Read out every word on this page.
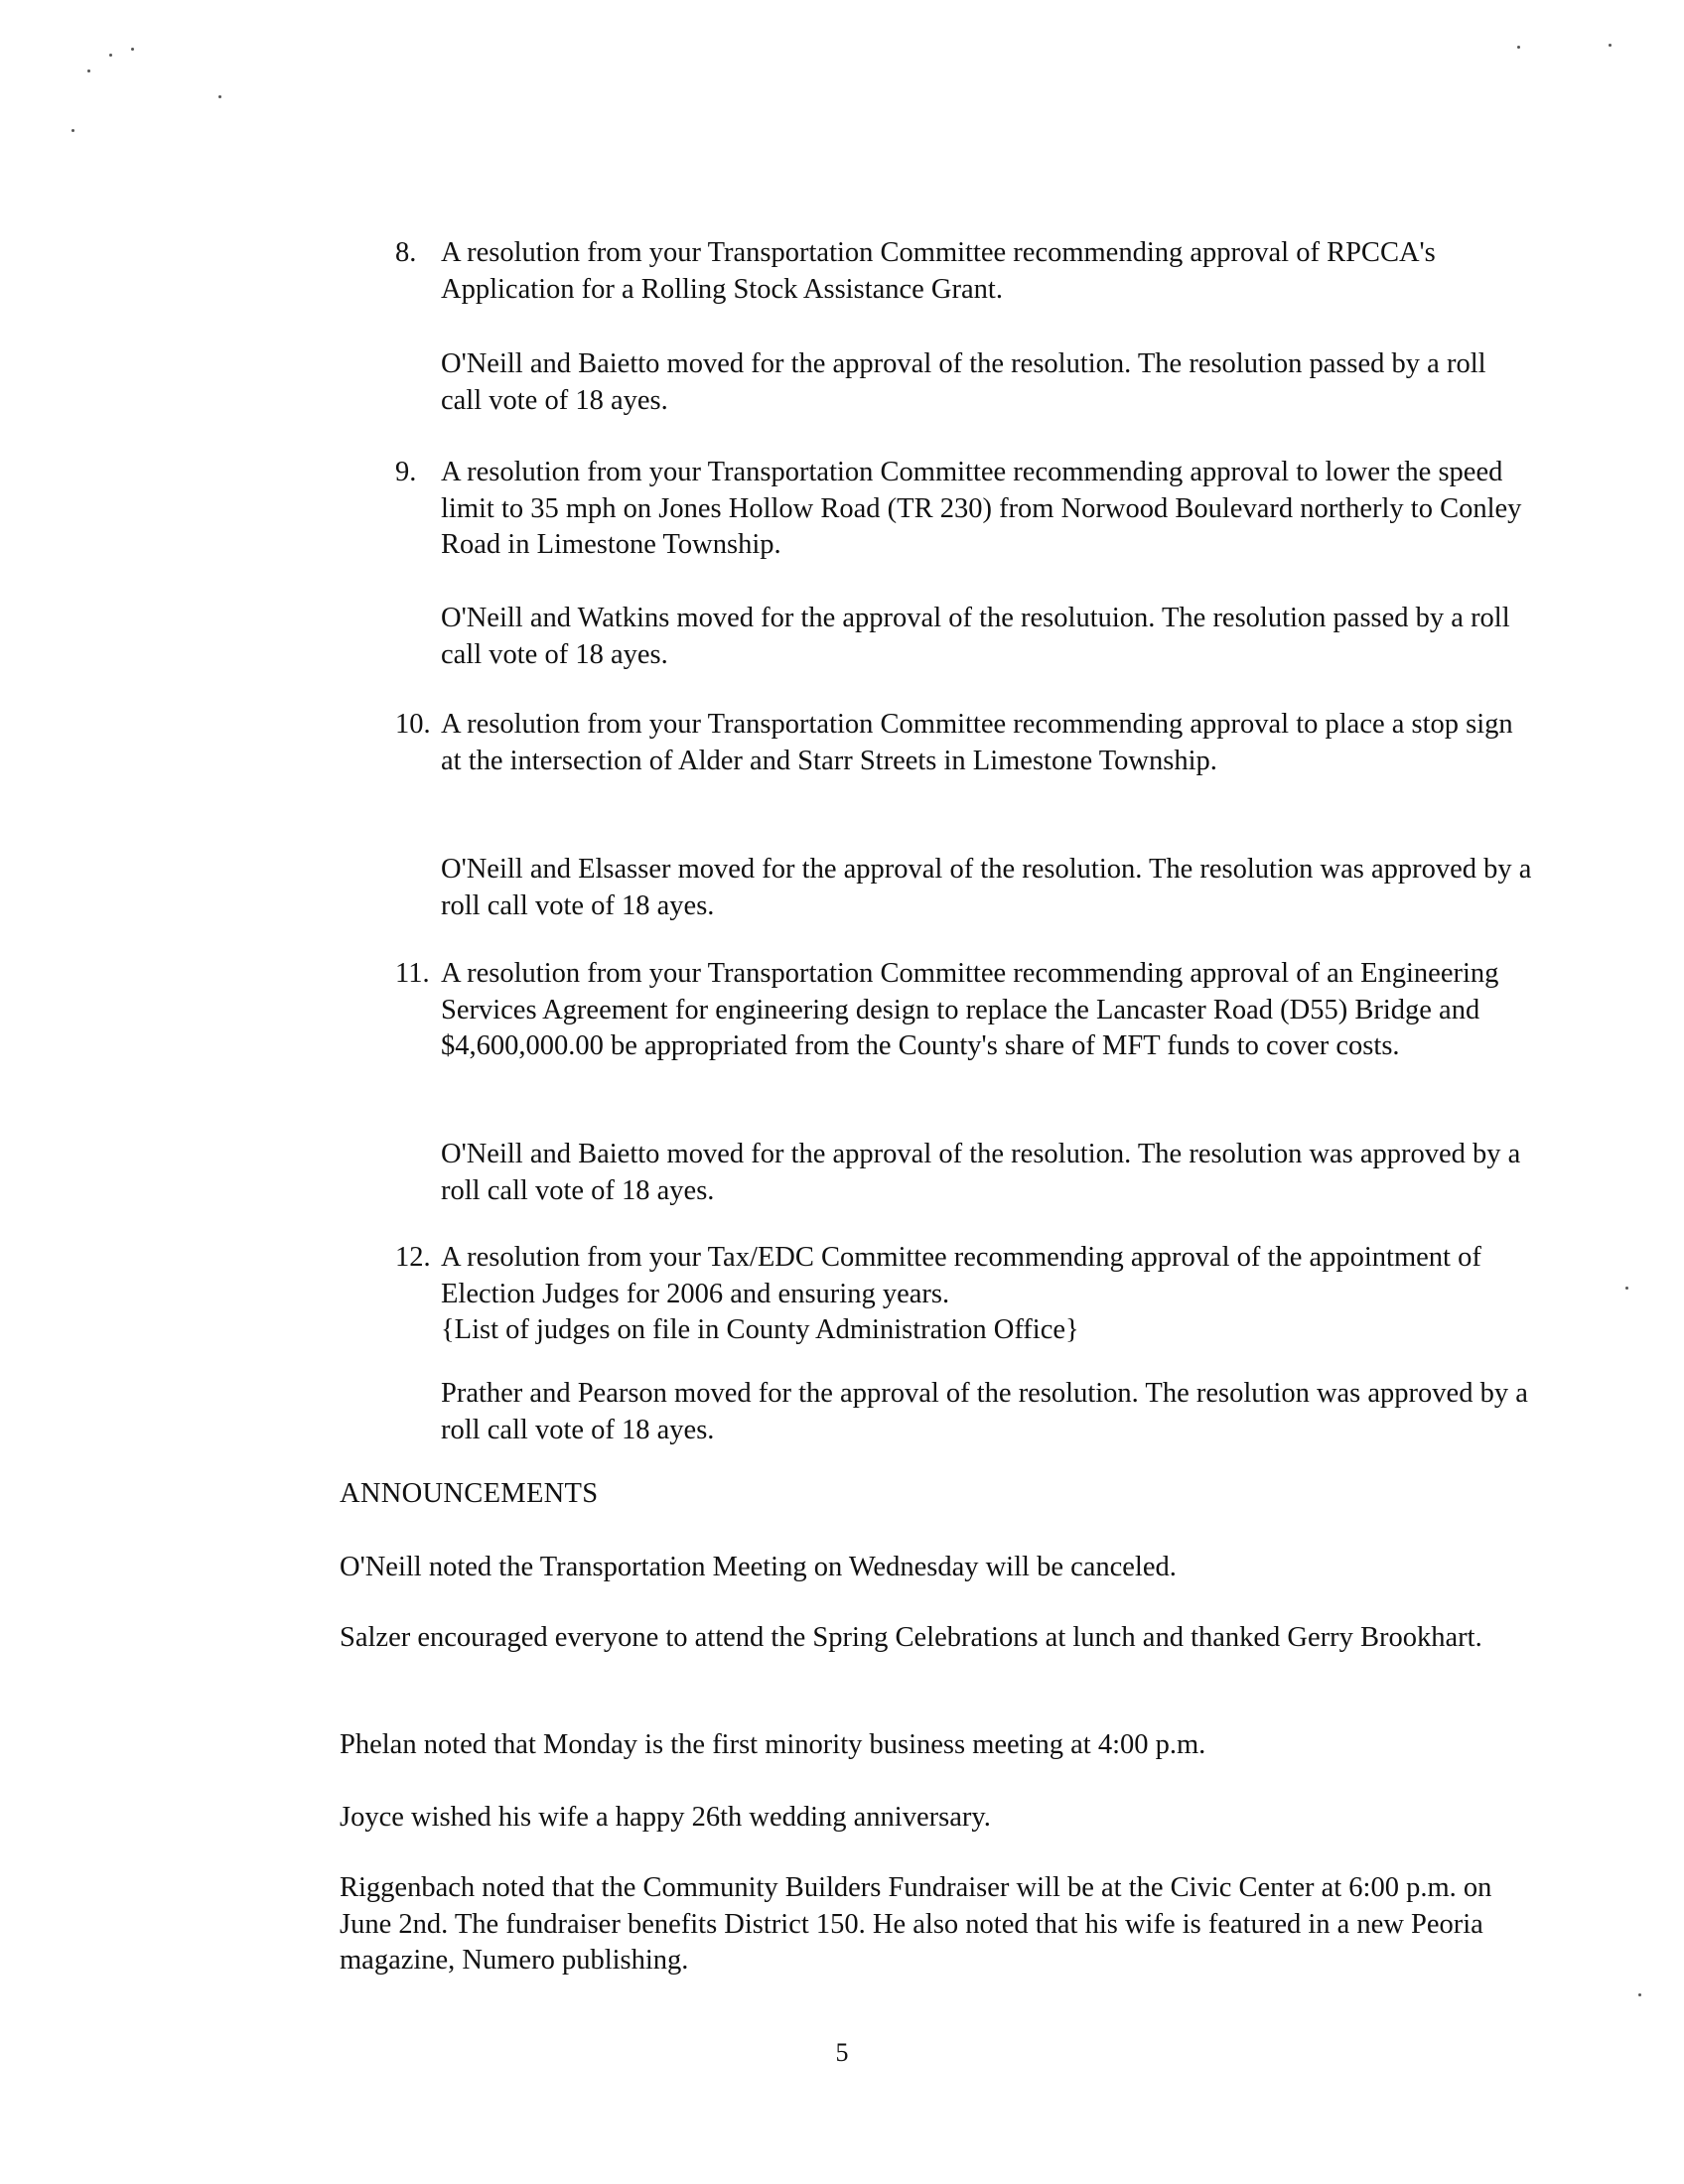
8. A resolution from your Transportation Committee recommending approval of RPCCA's Application for a Rolling Stock Assistance Grant.
O'Neill and Baietto moved for the approval of the resolution. The resolution passed by a roll call vote of 18 ayes.
9. A resolution from your Transportation Committee recommending approval to lower the speed limit to 35 mph on Jones Hollow Road (TR 230) from Norwood Boulevard northerly to Conley Road in Limestone Township.
O'Neill and Watkins moved for the approval of the resolutuion. The resolution passed by a roll call vote of 18 ayes.
10. A resolution from your Transportation Committee recommending approval to place a stop sign at the intersection of Alder and Starr Streets in Limestone Township.
O'Neill and Elsasser moved for the approval of the resolution. The resolution was approved by a roll call vote of 18 ayes.
11. A resolution from your Transportation Committee recommending approval of an Engineering Services Agreement for engineering design to replace the Lancaster Road (D55) Bridge and $4,600,000.00 be appropriated from the County's share of MFT funds to cover costs.
O'Neill and Baietto moved for the approval of the resolution. The resolution was approved by a roll call vote of 18 ayes.
12. A resolution from your Tax/EDC Committee recommending approval of the appointment of Election Judges for 2006 and ensuring years.
{List of judges on file in County Administration Office}
Prather and Pearson moved for the approval of the resolution. The resolution was approved by a roll call vote of 18 ayes.
ANNOUNCEMENTS
O'Neill noted the Transportation Meeting on Wednesday will be canceled.
Salzer encouraged everyone to attend the Spring Celebrations at lunch and thanked Gerry Brookhart.
Phelan noted that Monday is the first minority business meeting at 4:00 p.m.
Joyce wished his wife a happy 26th wedding anniversary.
Riggenbach noted that the Community Builders Fundraiser will be at the Civic Center at 6:00 p.m. on June 2nd. The fundraiser benefits District 150. He also noted that his wife is featured in a new Peoria magazine, Numero publishing.
5
